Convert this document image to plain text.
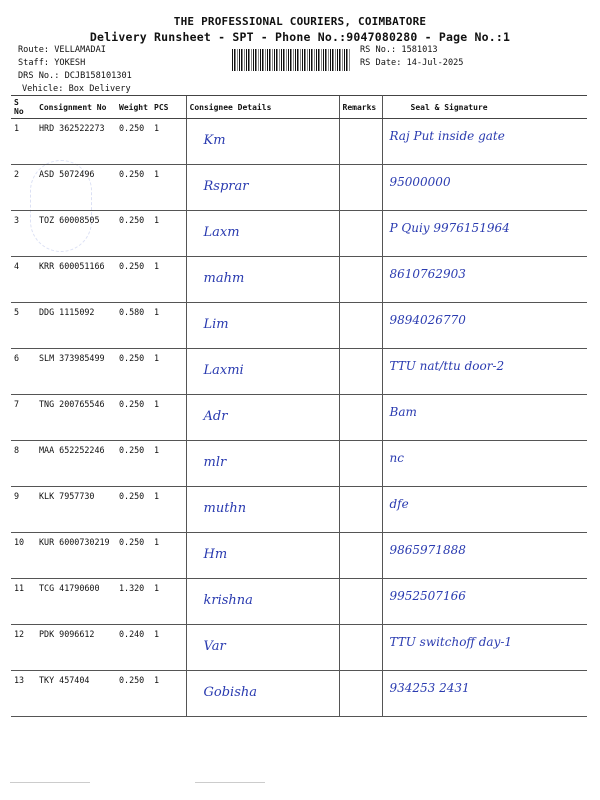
THE PROFESSIONAL COURIERS, COIMBATORE
Delivery Runsheet - SPT - Phone No.:9047080280 - Page No.:1
Route: VELLAMADAI
Staff: YOKESH
DRS No.: DCJB158101301
Vehicle: Box Delivery
RS No.: 1581013
RS Date: 14-Jul-2025
S No	Consignment No	Weight	PCS	Consignee Details	Remarks	Seal & Signature
1	HRD 362522273	0.250	1	Km		Raj Put inside gate
2	ASD 5072496	0.250	1	Rsprar		95000000
3	TOZ 60008505	0.250	1	Laxm		P Quiy 9976151964
4	KRR 600051166	0.250	1	mahm		8610762903
5	DDG 1115092	0.580	1	Lim		9894026770
6	SLM 373985499	0.250	1	Laxmi		TTU nat/ttu door-2
7	TNG 200765546	0.250	1	Adr		Bam
8	MAA 652252246	0.250	1	mlr		nc
9	KLK 7957730	0.250	1	muthn		dfe
10	KUR 6000730219	0.250	1	Hm		9865971888
11	TCG 41790600	1.320	1	krishna		9952507166
12	PDK 9096612	0.240	1	Var		TTU switchoff day-1
13	TKY 457404	0.250	1	Gobisha		934253 2431
